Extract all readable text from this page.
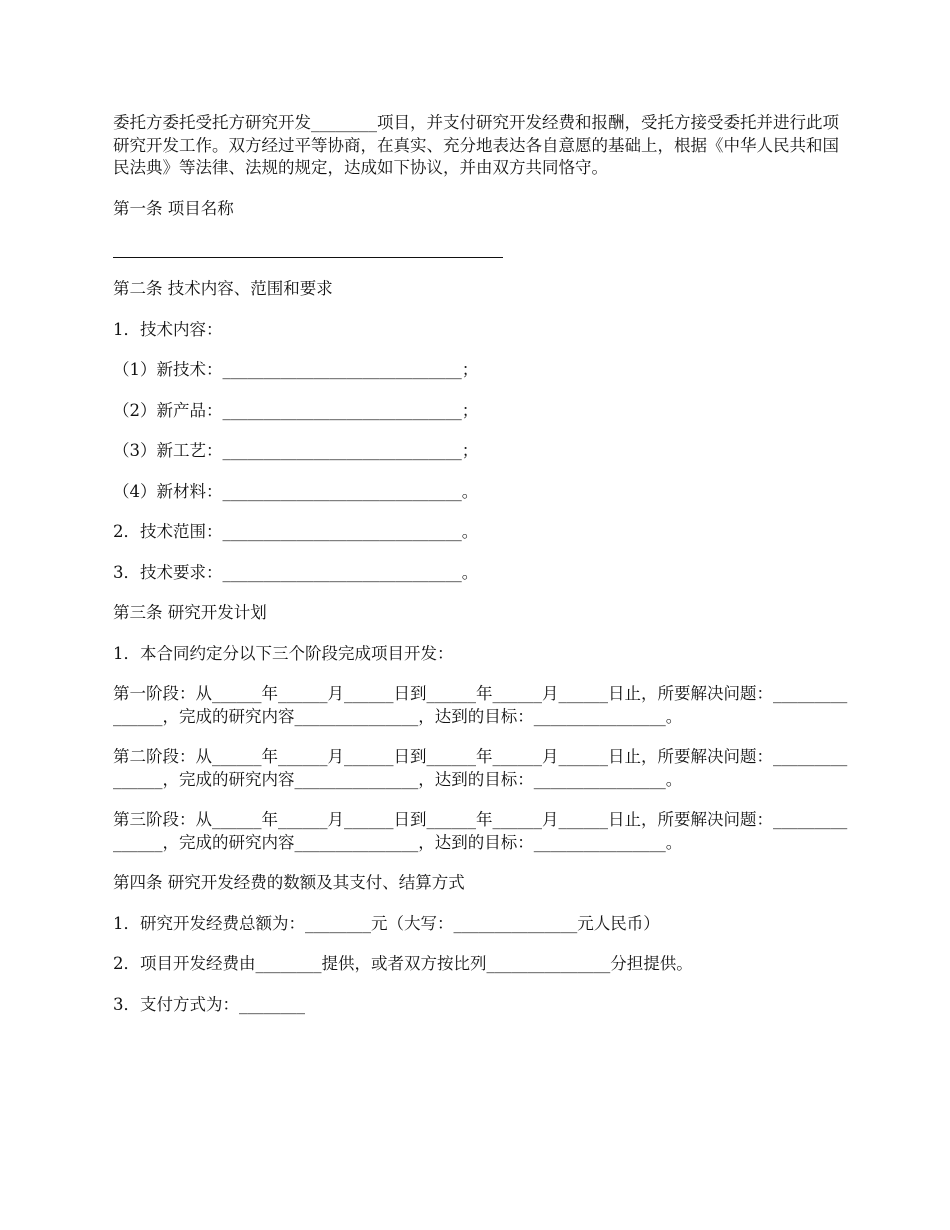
委托方委托受托方研究开发________项目，并支付研究开发经费和报酬，受托方接受委托并进行此项研究开发工作。双方经过平等协商，在真实、充分地表达各自意愿的基础上，根据《中华人民共和国民法典》等法律、法规的规定，达成如下协议，并由双方共同恪守。

第一条 项目名称

第二条 技术内容、范围和要求

1．技术内容：

（1）新技术：_____________________________；

（2）新产品：_____________________________；

（3）新工艺：_____________________________；

（4）新材料：_____________________________。

2．技术范围：_____________________________。

3．技术要求：_____________________________。

第三条 研究开发计划

1．本合同约定分以下三个阶段完成项目开发：

第一阶段：从______年______月______日到______年______月______日止，所要解决问题：_______________，完成的研究内容_______________，达到的目标：________________。

第二阶段：从______年______月______日到______年______月______日止，所要解决问题：_______________，完成的研究内容_______________，达到的目标：________________。

第三阶段：从______年______月______日到______年______月______日止，所要解决问题：_______________，完成的研究内容_______________，达到的目标：________________。

第四条 研究开发经费的数额及其支付、结算方式

1．研究开发经费总额为：________元（大写：_______________元人民币）

2．项目开发经费由________提供，或者双方按比列_______________分担提供。

3．支付方式为：________
